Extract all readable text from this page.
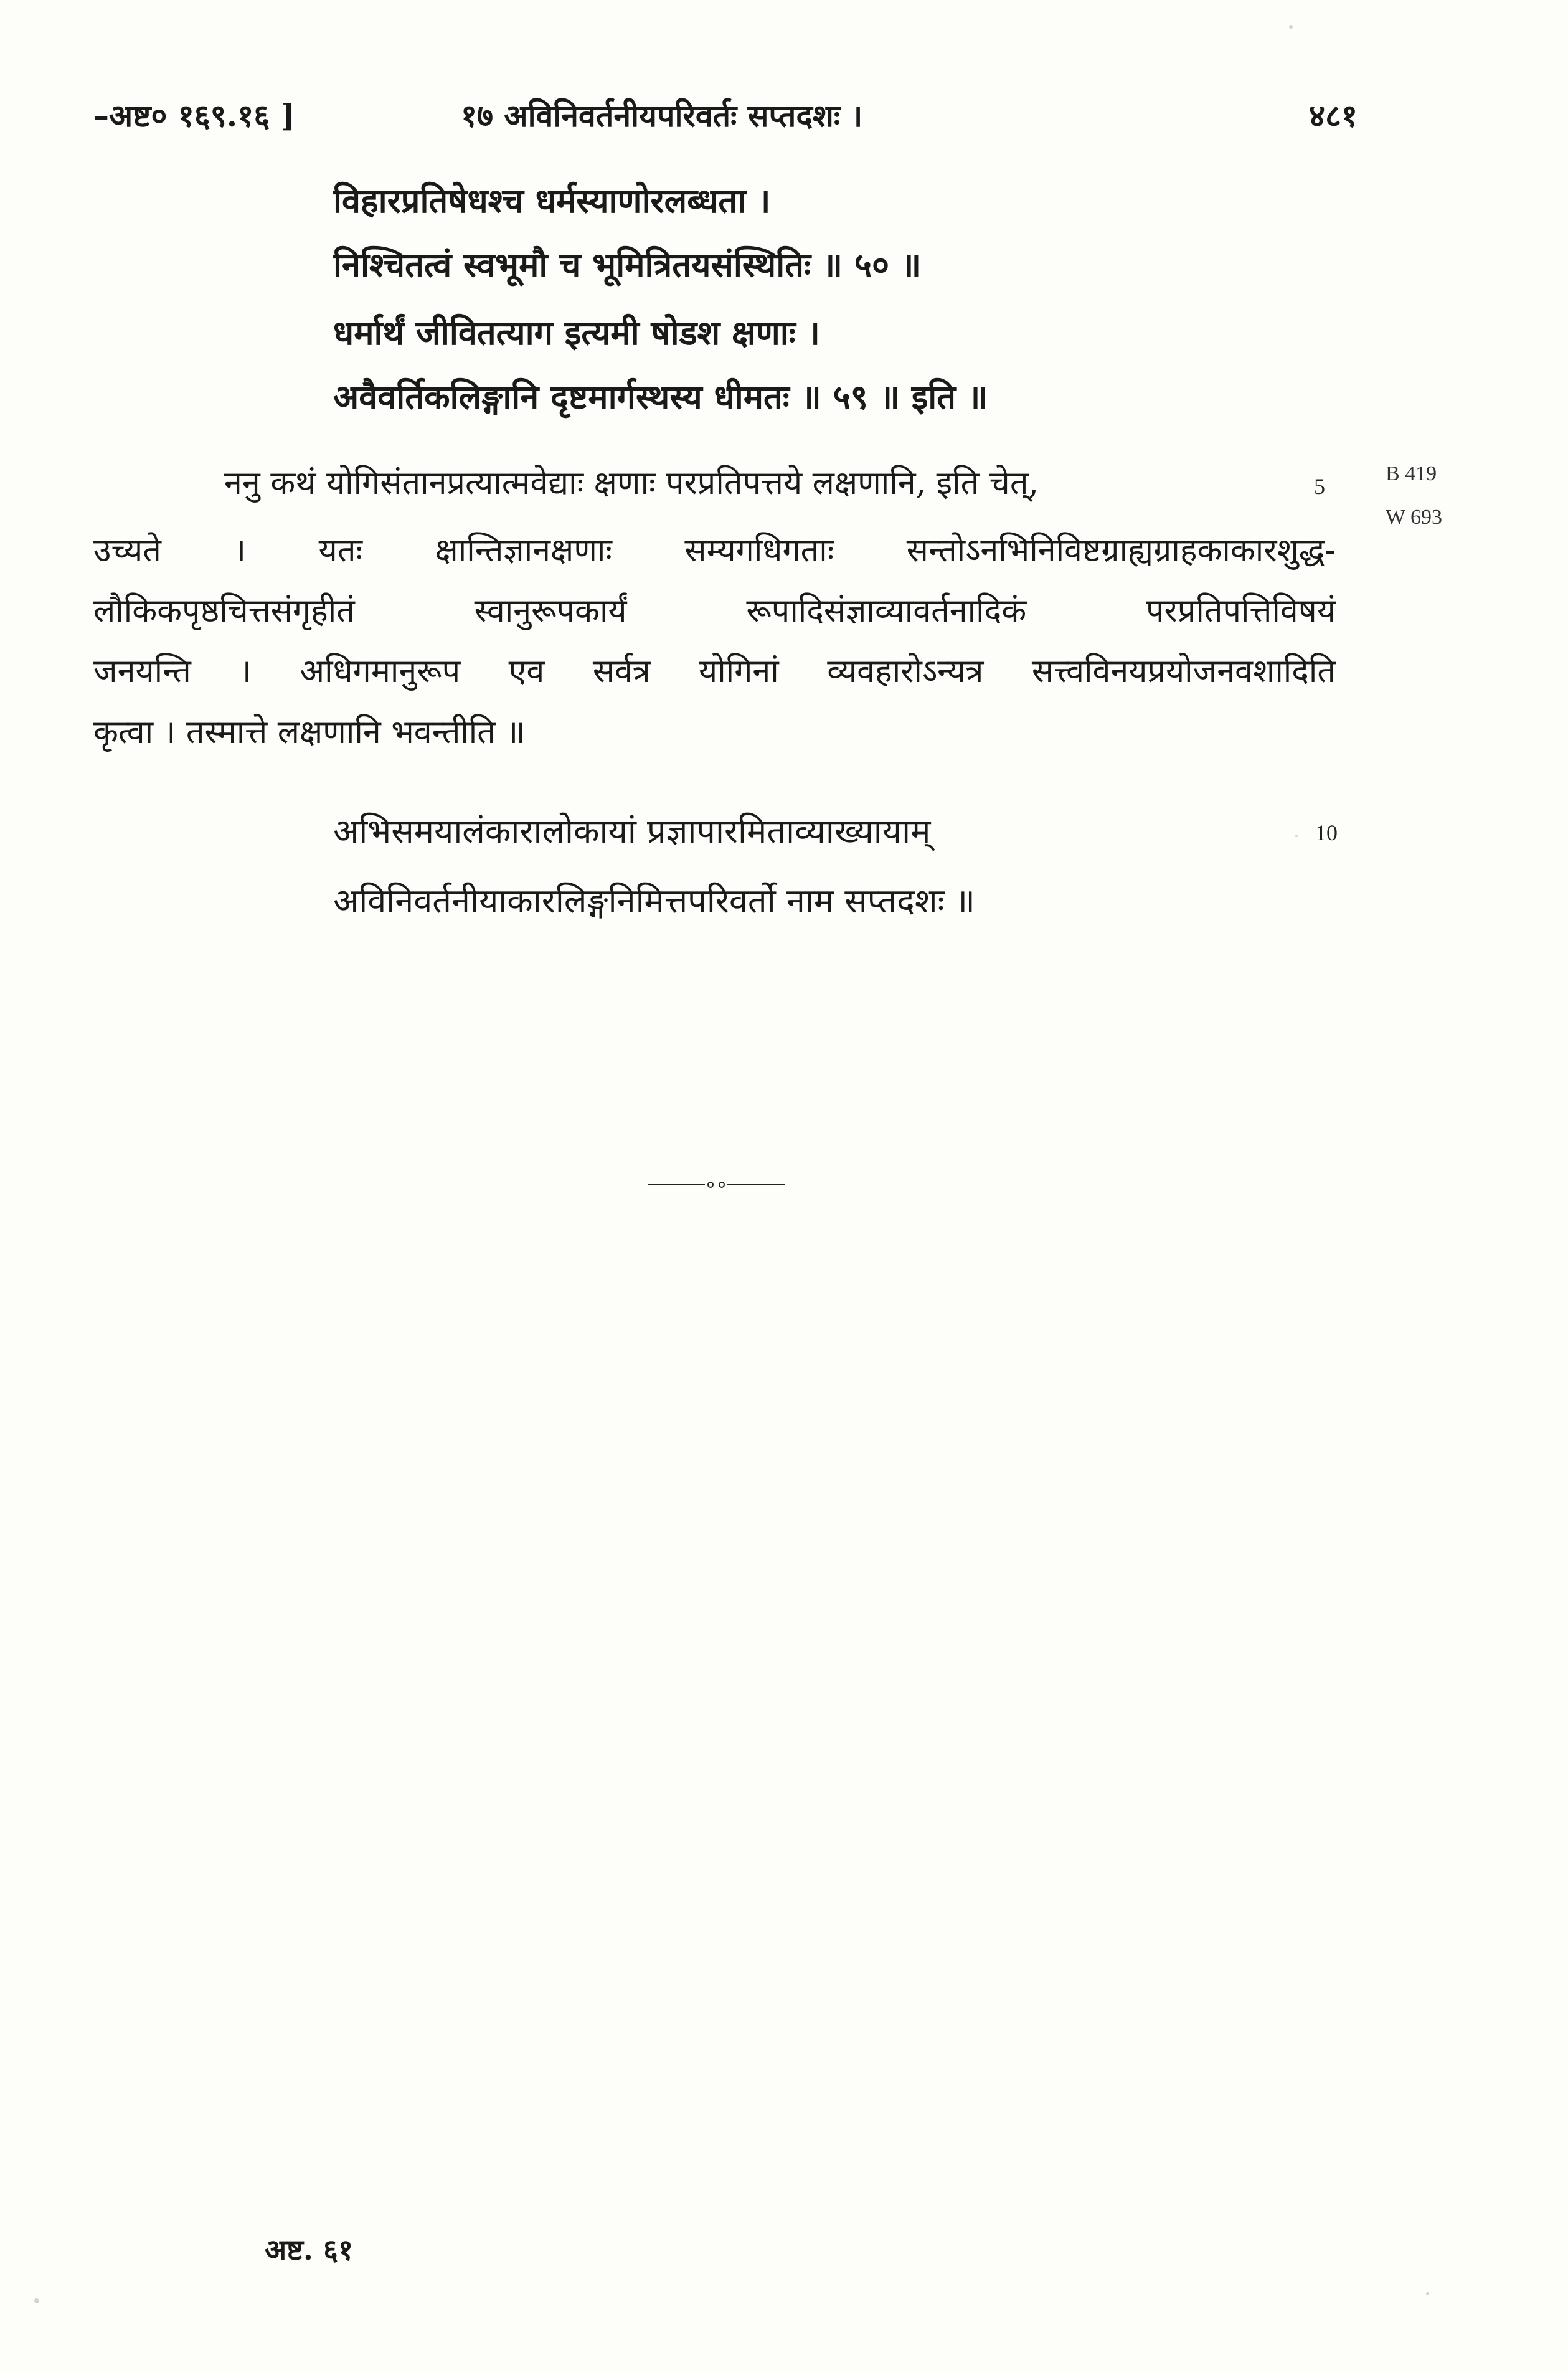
–अष्ट० १६९.१६ ]	१७ अविनिवर्तनीयपरिवर्तः सप्तदशः ।	४८१
विहारप्रतिषेधश्च धर्मस्याणोरलब्धता ।
निश्चितत्वं स्वभूमौ च भूमित्रितयसंस्थितिः ॥ ५० ॥
धर्मार्थं जीवितत्याग इत्यमी षोडश क्षणाः ।
अवैवर्तिकलिङ्गानि दृष्टमार्गस्थस्य धीमतः ॥ ५९ ॥ इति ॥
ननु कथं योगिसंतानप्रत्यात्मवेद्याः क्षणाः परप्रतिपत्तये लक्षणानि, इति चेत्,	5
उच्यते । यतः क्षान्तिज्ञानक्षणाः सम्यगधिगताः सन्तोऽनभिनिविष्टग्राह्यग्राहकाकारशुद्ध-
लौकिकपृष्ठचित्तसंगृहीतं स्वानुरूपकार्यं रूपादिसंज्ञाव्यावर्तनादिकं परप्रतिपत्तिविषयं
जनयन्ति । अधिगमानुरूप एव सर्वत्र योगिनां व्यवहारोऽन्यत्र सत्त्वविनयप्रयोजनवशादिति
कृत्वा । तस्मात्ते लक्षणानि भवन्तीति ॥
B 419
W 693
अभिसमयालंकारालोकायां प्रज्ञापारमिताव्याख्यायाम्	10
अविनिवर्तनीयाकारलिङ्गनिमित्तपरिवर्तो नाम सप्तदशः ॥
अष्ट. ६१
